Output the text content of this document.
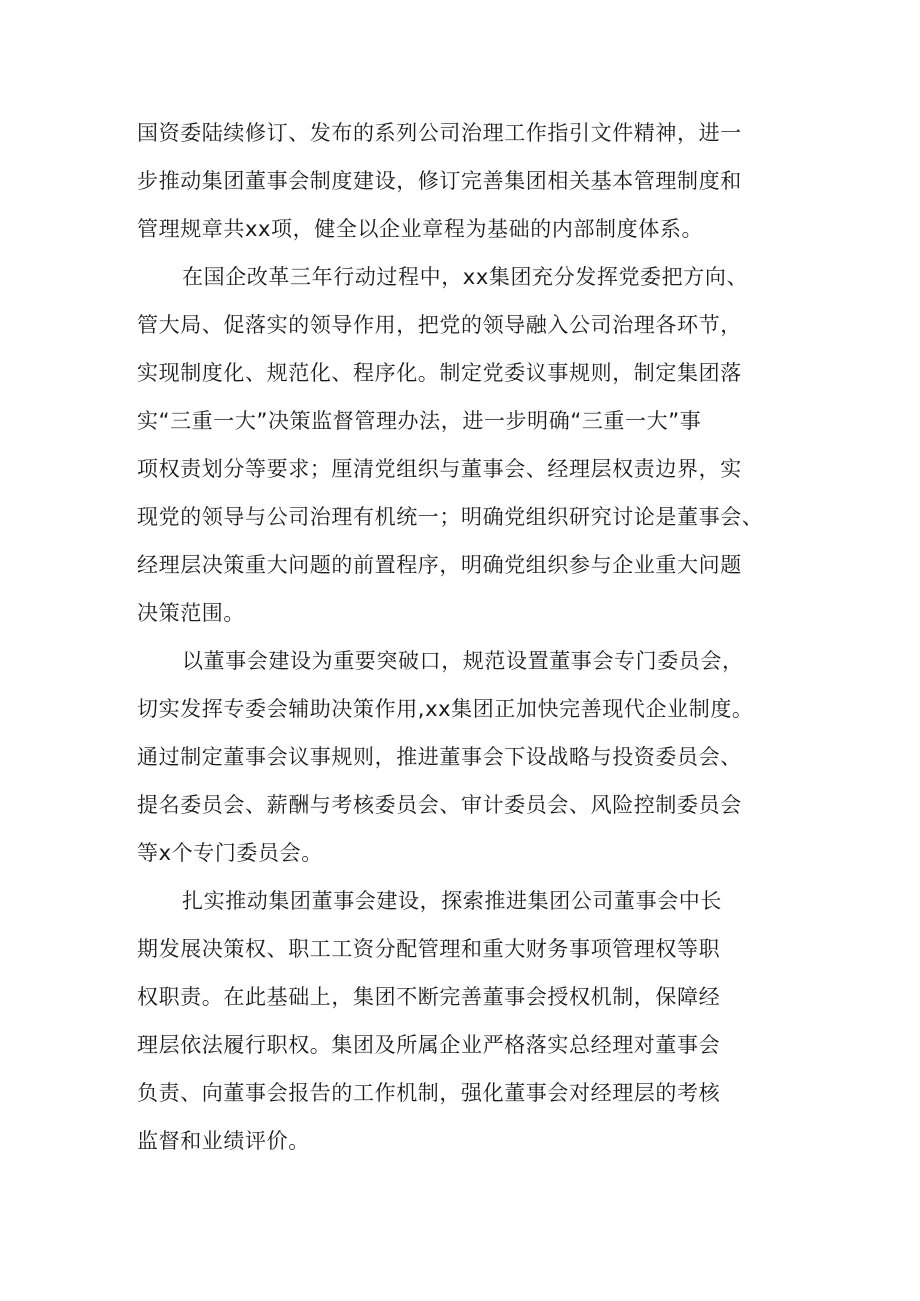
国资委陆续修订、发布的系列公司治理工作指引文件精神，进一
步推动集团董事会制度建设，修订完善集团相关基本管理制度和
管理规章共xx项，健全以企业章程为基础的内部制度体系。
在国企改革三年行动过程中，xx集团充分发挥党委把方向、
管大局、促落实的领导作用，把党的领导融入公司治理各环节，
实现制度化、规范化、程序化。制定党委议事规则，制定集团落
实“三重一大”决策监督管理办法，进一步明确“三重一大”事
项权责划分等要求；厘清党组织与董事会、经理层权责边界，实
现党的领导与公司治理有机统一；明确党组织研究讨论是董事会、
经理层决策重大问题的前置程序，明确党组织参与企业重大问题
决策范围。
以董事会建设为重要突破口，规范设置董事会专门委员会，
切实发挥专委会辅助决策作用,xx集团正加快完善现代企业制度。
通过制定董事会议事规则，推进董事会下设战略与投资委员会、
提名委员会、薪酬与考核委员会、审计委员会、风险控制委员会
等x个专门委员会。
扎实推动集团董事会建设，探索推进集团公司董事会中长
期发展决策权、职工工资分配管理和重大财务事项管理权等职
权职责。在此基础上，集团不断完善董事会授权机制，保障经
理层依法履行职权。集团及所属企业严格落实总经理对董事会
负责、向董事会报告的工作机制，强化董事会对经理层的考核
监督和业绩评价。
